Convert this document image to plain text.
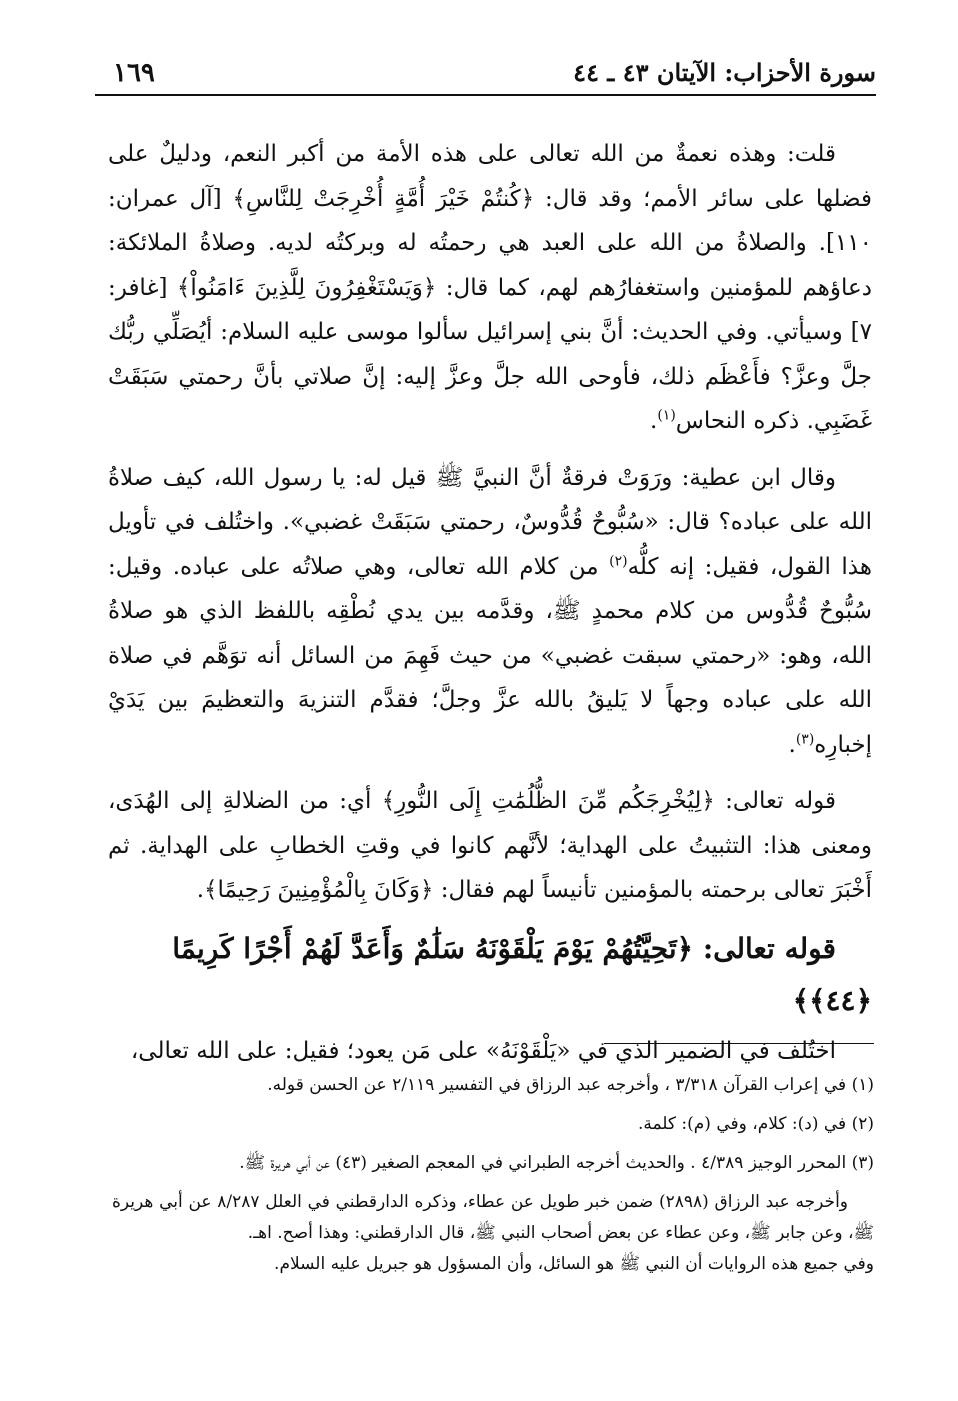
سورة الأحزاب: الآيتان ٤٣ ـ ٤٤
١٦٩

قلت: وهذه نعمةٌ من الله تعالى على هذه الأمة من أكبر النعم، ودليلٌ على فضلها على سائر الأمم؛ وقد قال: ﴿كُنتُمْ خَيْرَ أُمَّةٍ أُخْرِجَتْ لِلنَّاسِ﴾ [آل عمران: ١١٠]. والصلاةُ من الله على العبد هي رحمتُه له وبركتُه لديه. وصلاةُ الملائكة: دعاؤهم للمؤمنين واستغفارُهم لهم، كما قال: ﴿وَيَسْتَغْفِرُونَ لِلَّذِينَ ءَامَنُواْ﴾ [غافر: ٧] وسيأتي. وفي الحديث: أنَّ بني إسرائيل سألوا موسى عليه السلام: أيُصَلِّي ربُّك جلَّ وعزَّ؟ فأَعْظَم ذلك، فأوحى الله جلَّ وعزَّ إليه: إنَّ صلاتي بأنَّ رحمتي سَبَقَتْ غَضَبِي. ذكره النحاس$^{(١)}$.

وقال ابن عطية: ورَوَتْ فرقةٌ أنَّ النبيَّ ﷺ قيل له: يا رسول الله، كيف صلاةُ الله على عباده؟ قال: «سُبُّوحٌ قُدُّوسٌ، رحمتي سَبَقَتْ غضبي». واختُلف في تأويل هذا القول، فقيل: إنه كلُّه$^{(٢)}$ من كلام الله تعالى، وهي صلاتُه على عباده. وقيل: سُبُّوحٌ قُدُّوس من كلام محمدٍ ﷺ، وقدَّمه بين يدي نُطْقِه باللفظ الذي هو صلاةُ الله، وهو: «رحمتي سبقت غضبي» من حيث فَهِمَ من السائل أنه توَهَّم في صلاة الله على عباده وجهاً لا يَليقُ بالله عزَّ وجلَّ؛ فقدَّم التنزيهَ والتعظيمَ بين يَدَيْ إخبارِه$^{(٣)}$.

قوله تعالى: ﴿لِيُخْرِجَكُم مِّنَ الظُّلُمَٰتِ إِلَى النُّورِ﴾ أي: من الضلالةِ إلى الهُدَى، ومعنى هذا: التثبيتُ على الهداية؛ لأنَّهم كانوا في وقتِ الخطابِ على الهداية. ثم أَخْبَرَ تعالى برحمته بالمؤمنين تأنيساً لهم فقال: ﴿وَكَانَ بِالْمُؤْمِنِينَ رَحِيمًا﴾.

قوله تعالى: ﴿تَحِيَّتُهُمْ يَوْمَ يَلْقَوْنَهُ سَلَٰمٌ وَأَعَدَّ لَهُمْ أَجْرًا كَرِيمًا ﴿٤٤﴾﴾

اختُلف في الضمير الذي في «يَلْقَوْنَهُ» على مَن يعود؛ فقيل: على الله تعالى،

(١) في إعراب القرآن ٣/٣١٨ ، وأخرجه عبد الرزاق في التفسير ٢/١١٩ عن الحسن قوله.

(٢) في (د): كلام، وفي (م): كلمة.

(٣) المحرر الوجيز ٤/٣٨٩ . والحديث أخرجه الطبراني في المعجم الصغير (٤٣) عن أبي هريرة ﷺ.

وأخرجه عبد الرزاق (٢٨٩٨) ضمن خبر طويل عن عطاء، وذكره الدارقطني في العلل ٨/٢٨٧ عن أبي هريرة ﷺ، وعن جابر ﷺ، وعن عطاء عن بعض أصحاب النبي ﷺ، قال الدارقطني: وهذا أصح. اهـ.

وفي جميع هذه الروايات أن النبي ﷺ هو السائل، وأن المسؤول هو جبريل عليه السلام.
